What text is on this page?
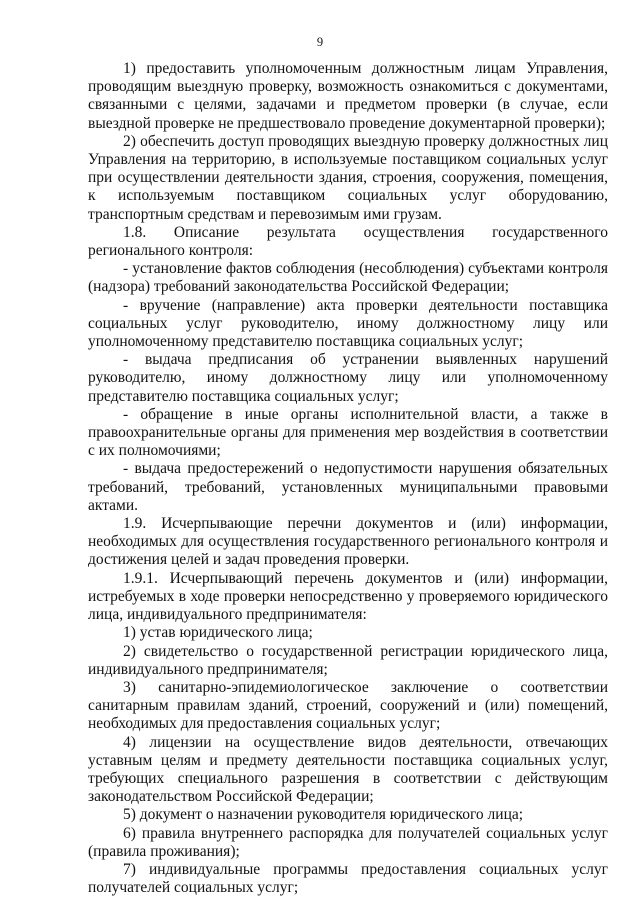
9

1) предоставить уполномоченным должностным лицам Управления, проводящим выездную проверку, возможность ознакомиться с документами, связанными с целями, задачами и предметом проверки (в случае, если выездной проверке не предшествовало проведение документарной проверки);

2) обеспечить доступ проводящих выездную проверку должностных лиц Управления на территорию, в используемые поставщиком социальных услуг при осуществлении деятельности здания, строения, сооружения, помещения, к используемым поставщиком социальных услуг оборудованию, транспортным средствам и перевозимым ими грузам.

1.8. Описание результата осуществления государственного регионального контроля:

- установление фактов соблюдения (несоблюдения) субъектами контроля (надзора) требований законодательства Российской Федерации;

- вручение (направление) акта проверки деятельности поставщика социальных услуг руководителю, иному должностному лицу или уполномоченному представителю поставщика социальных услуг;

- выдача предписания об устранении выявленных нарушений руководителю, иному должностному лицу или уполномоченному представителю поставщика социальных услуг;

- обращение в иные органы исполнительной власти, а также в правоохранительные органы для применения мер воздействия в соответствии с их полномочиями;

- выдача предостережений о недопустимости нарушения обязательных требований, требований, установленных муниципальными правовыми актами.

1.9. Исчерпывающие перечни документов и (или) информации, необходимых для осуществления государственного регионального контроля и достижения целей и задач проведения проверки.

1.9.1. Исчерпывающий перечень документов и (или) информации, истребуемых в ходе проверки непосредственно у проверяемого юридического лица, индивидуального предпринимателя:

1) устав юридического лица;

2) свидетельство о государственной регистрации юридического лица, индивидуального предпринимателя;

3) санитарно-эпидемиологическое заключение о соответствии санитарным правилам зданий, строений, сооружений и (или) помещений, необходимых для предоставления социальных услуг;

4) лицензии на осуществление видов деятельности, отвечающих уставным целям и предмету деятельности поставщика социальных услуг, требующих специального разрешения в соответствии с действующим законодательством Российской Федерации;

5) документ о назначении руководителя юридического лица;

6) правила внутреннего распорядка для получателей социальных услуг (правила проживания);

7) индивидуальные программы предоставления социальных услуг получателей социальных услуг;
